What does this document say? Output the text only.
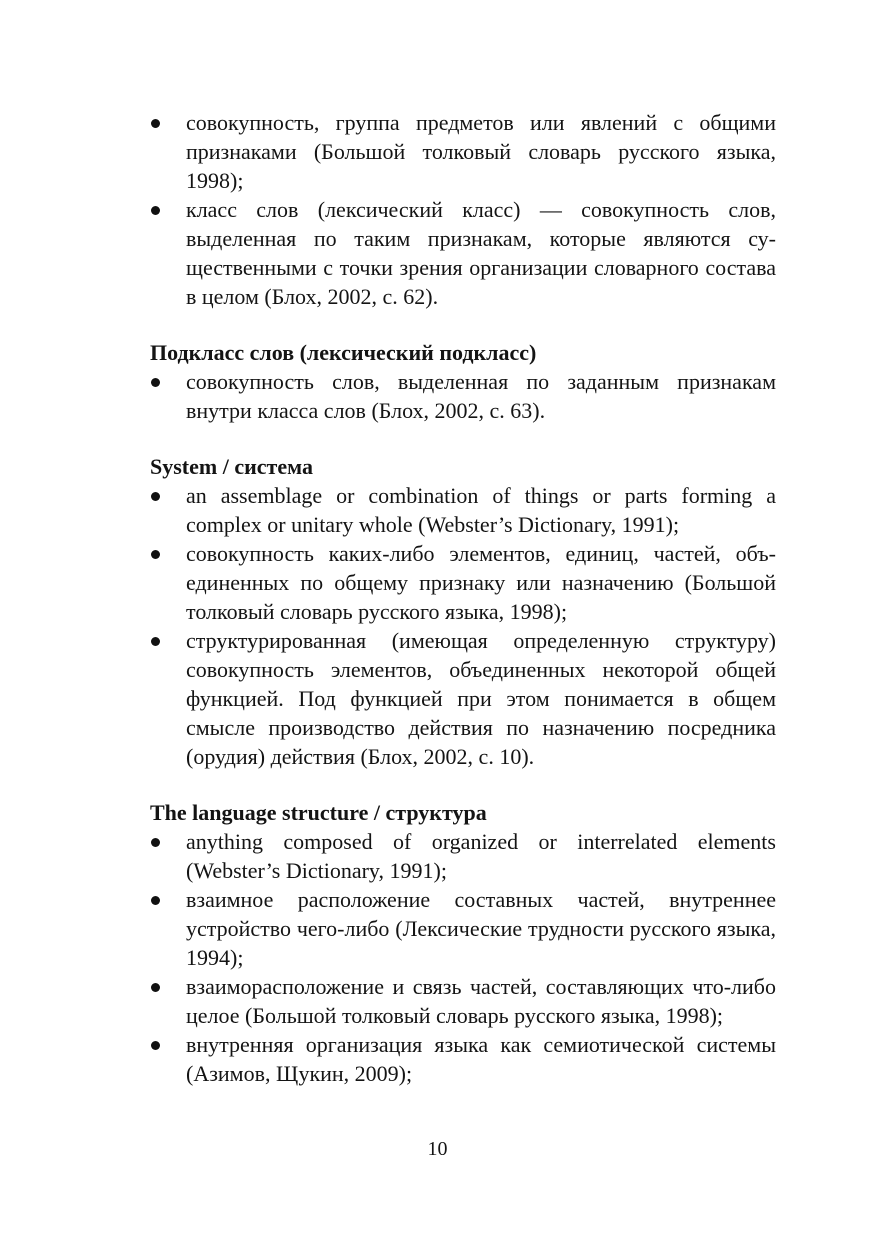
совокупность, группа предметов или явлений с общими признаками (Большой толковый словарь русского языка, 1998);
класс слов (лексический класс) — совокупность слов, выделенная по таким признакам, которые являются существенными с точки зрения организации словарного состава в целом (Блох, 2002, с. 62).

Подкласс слов (лексический подкласс)

совокупность слов, выделенная по заданным признакам внутри класса слов (Блох, 2002, с. 63).

System / система

an assemblage or combination of things or parts forming a complex or unitary whole (Webster’s Dictionary, 1991);
совокупность каких-либо элементов, единиц, частей, объединенных по общему признаку или назначению (Большой толковый словарь русского языка, 1998);
структурированная (имеющая определенную структуру) совокупность элементов, объединенных некоторой общей функцией. Под функцией при этом понимается в общем смысле производство действия по назначению посредника (орудия) действия (Блох, 2002, с. 10).

The language structure / структура

anything composed of organized or interrelated elements (Webster’s Dictionary, 1991);
взаимное расположение составных частей, внутреннее устройство чего-либо (Лексические трудности русского языка, 1994);
взаиморасположение и связь частей, составляющих что-либо целое (Большой толковый словарь русского языка, 1998);
внутренняя организация языка как семиотической системы (Азимов, Щукин, 2009);
10
